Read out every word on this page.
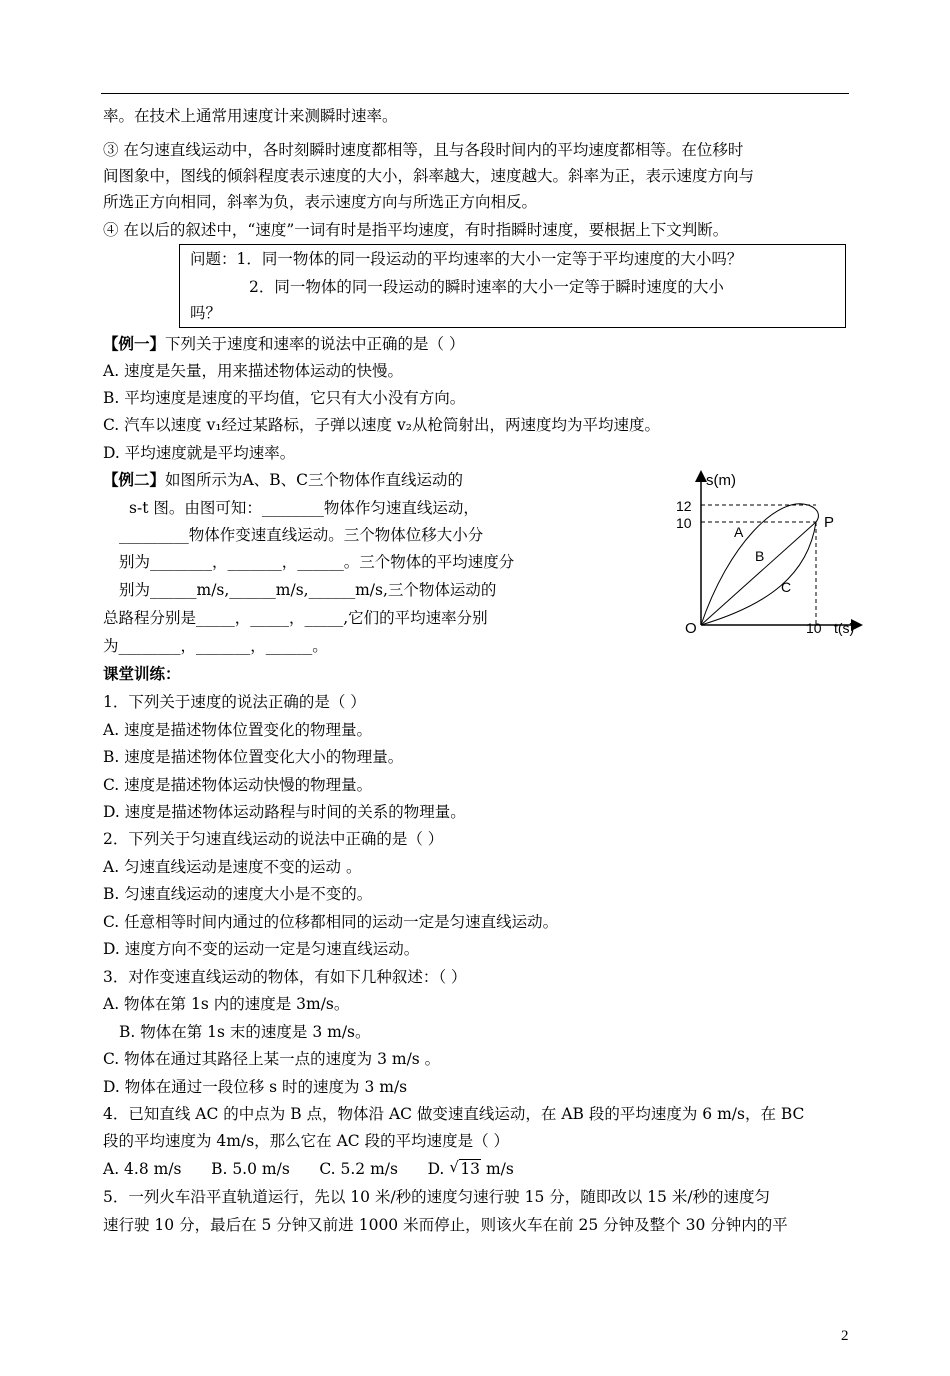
率。在技术上通常用速度计来测瞬时速率。
③ 在匀速直线运动中，各时刻瞬时速度都相等，且与各段时间内的平均速度都相等。在位移时
间图象中，图线的倾斜程度表示速度的大小，斜率越大，速度越大。斜率为正，表示速度方向与
所选正方向相同，斜率为负，表示速度方向与所选正方向相反。
④ 在以后的叙述中，“速度”一词有时是指平均速度，有时指瞬时速度，要根据上下文判断。
问题：1．同一物体的同一段运动的平均速率的大小一定等于平均速度的大小吗？
2．同一物体的同一段运动的瞬时速率的大小一定等于瞬时速度的大小
吗？
【例一】下列关于速度和速率的说法中正确的是（ ）
A. 速度是矢量，用来描述物体运动的快慢。
B. 平均速度是速度的平均值，它只有大小没有方向。
C. 汽车以速度 v₁经过某路标，子弹以速度 v₂从枪筒射出，两速度均为平均速度。
D. 平均速度就是平均速率。
【例二】如图所示为A、B、C三个物体作直线运动的
s-t 图。由图可知：________物体作匀速直线运动，
_________物体作变速直线运动。三个物体位移大小分
别为________，_______，______。三个物体的平均速度分
别为______m/s,______m/s,______m/s,三个物体运动的
总路程分别是_____，_____，_____,它们的平均速率分别
为________，_______，______。
s(m)
12
10
A
B
C
P
O	10 t(s)
课堂训练：
1．下列关于速度的说法正确的是（ ）
A. 速度是描述物体位置变化的物理量。
B. 速度是描述物体位置变化大小的物理量。
C. 速度是描述物体运动快慢的物理量。
D. 速度是描述物体运动路程与时间的关系的物理量。
2．下列关于匀速直线运动的说法中正确的是（ ）
A. 匀速直线运动是速度不变的运动 。
B. 匀速直线运动的速度大小是不变的。
C. 任意相等时间内通过的位移都相同的运动一定是匀速直线运动。
D. 速度方向不变的运动一定是匀速直线运动。
3．对作变速直线运动的物体，有如下几种叙述：（ ）
A. 物体在第 1s 内的速度是 3m/s。
B. 物体在第 1s 末的速度是 3 m/s。
C. 物体在通过其路径上某一点的速度为 3 m/s 。
D. 物体在通过一段位移 s 时的速度为 3 m/s
4．已知直线 AC 的中点为 B 点，物体沿 AC 做变速直线运动，在 AB 段的平均速度为 6 m/s，在 BC
段的平均速度为 4m/s，那么它在 AC 段的平均速度是（ ）
A. 4.8 m/s B. 5.0 m/s C. 5.2 m/s D. √ 13 m/s
5．一列火车沿平直轨道运行，先以 10 米/秒的速度匀速行驶 15 分，随即改以 15 米/秒的速度匀
速行驶 10 分，最后在 5 分钟又前进 1000 米而停止，则该火车在前 25 分钟及整个 30 分钟内的平
2
